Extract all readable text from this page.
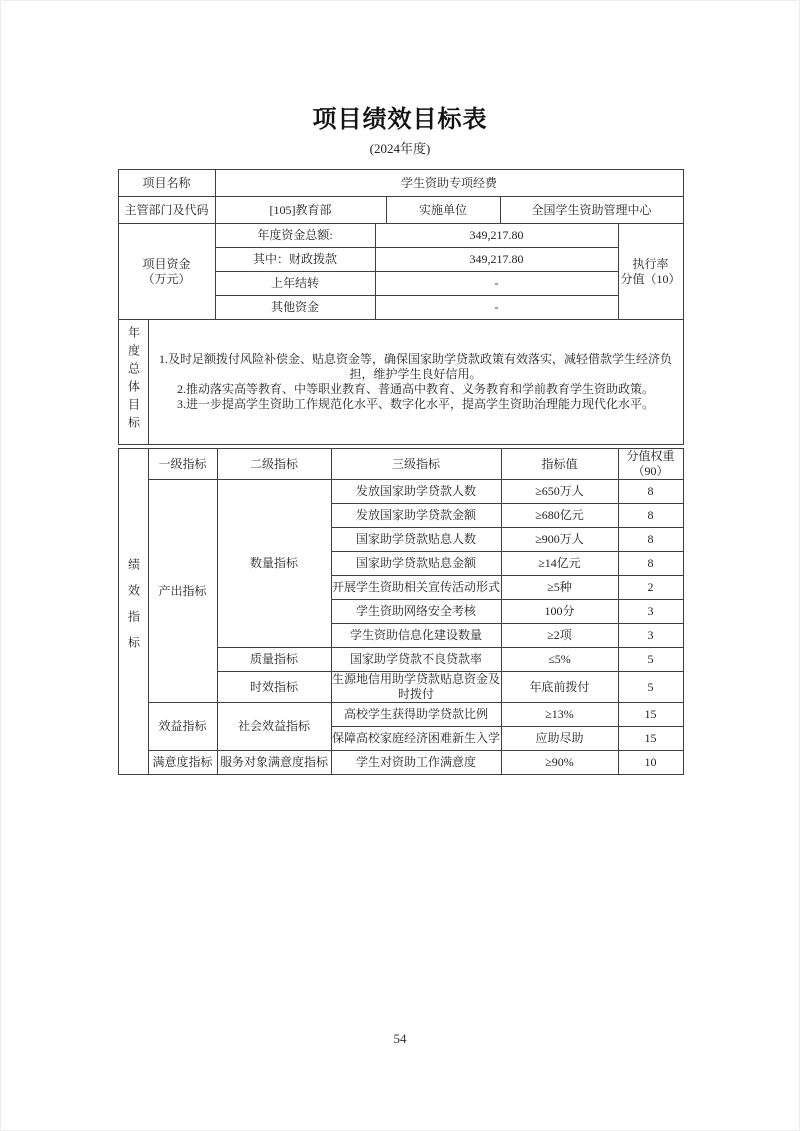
项目绩效目标表
(2024年度)
项目名称	学生资助专项经费		
主管部门及代码	[105]教育部	实施单位	全国学生资助管理中心
项目资金
（万元）
	年度资金总额:	349,217.80	
执行率
分值（10）

	其中：财政拨款	349,217.80	
	上年结转	-	
	其他资金	-	
年度总体目标	1.及时足额拨付风险补偿金、贴息资金等，确保国家助学贷款政策有效落实，减轻借款学生经济负担，维护学生良好信用。
2.推动落实高等教育、中等职业教育、普通高中教育、义务教育和学前教育学生资助政策。
3.进一步提高学生资助工作规范化水平、数字化水平，提高学生资助治理能力现代化水平。
绩效指标	一级指标	二级指标	三级指标	指标值	分值权重
（90）

	产出指标	数量指标	发放国家助学贷款人数	≥650万人	8
			发放国家助学贷款金额	≥680亿元	8
			国家助学贷款贴息人数	≥900万人	8
			国家助学贷款贴息金额	≥14亿元	8
			开展学生资助相关宣传活动形式	≥5种	2
			学生资助网络安全考核	100分	3
			学生资助信息化建设数量	≥2项	3
		质量指标	国家助学贷款不良贷款率	≤5%	5
		时效指标	生源地信用助学贷款贴息资金及时拨付	年底前拨付	5
	效益指标	社会效益指标	高校学生获得助学贷款比例	≥13%	15
			保障高校家庭经济困难新生入学	应助尽助	15
	满意度指标	服务对象满意度指标	学生对资助工作满意度	≥90%	10
54
